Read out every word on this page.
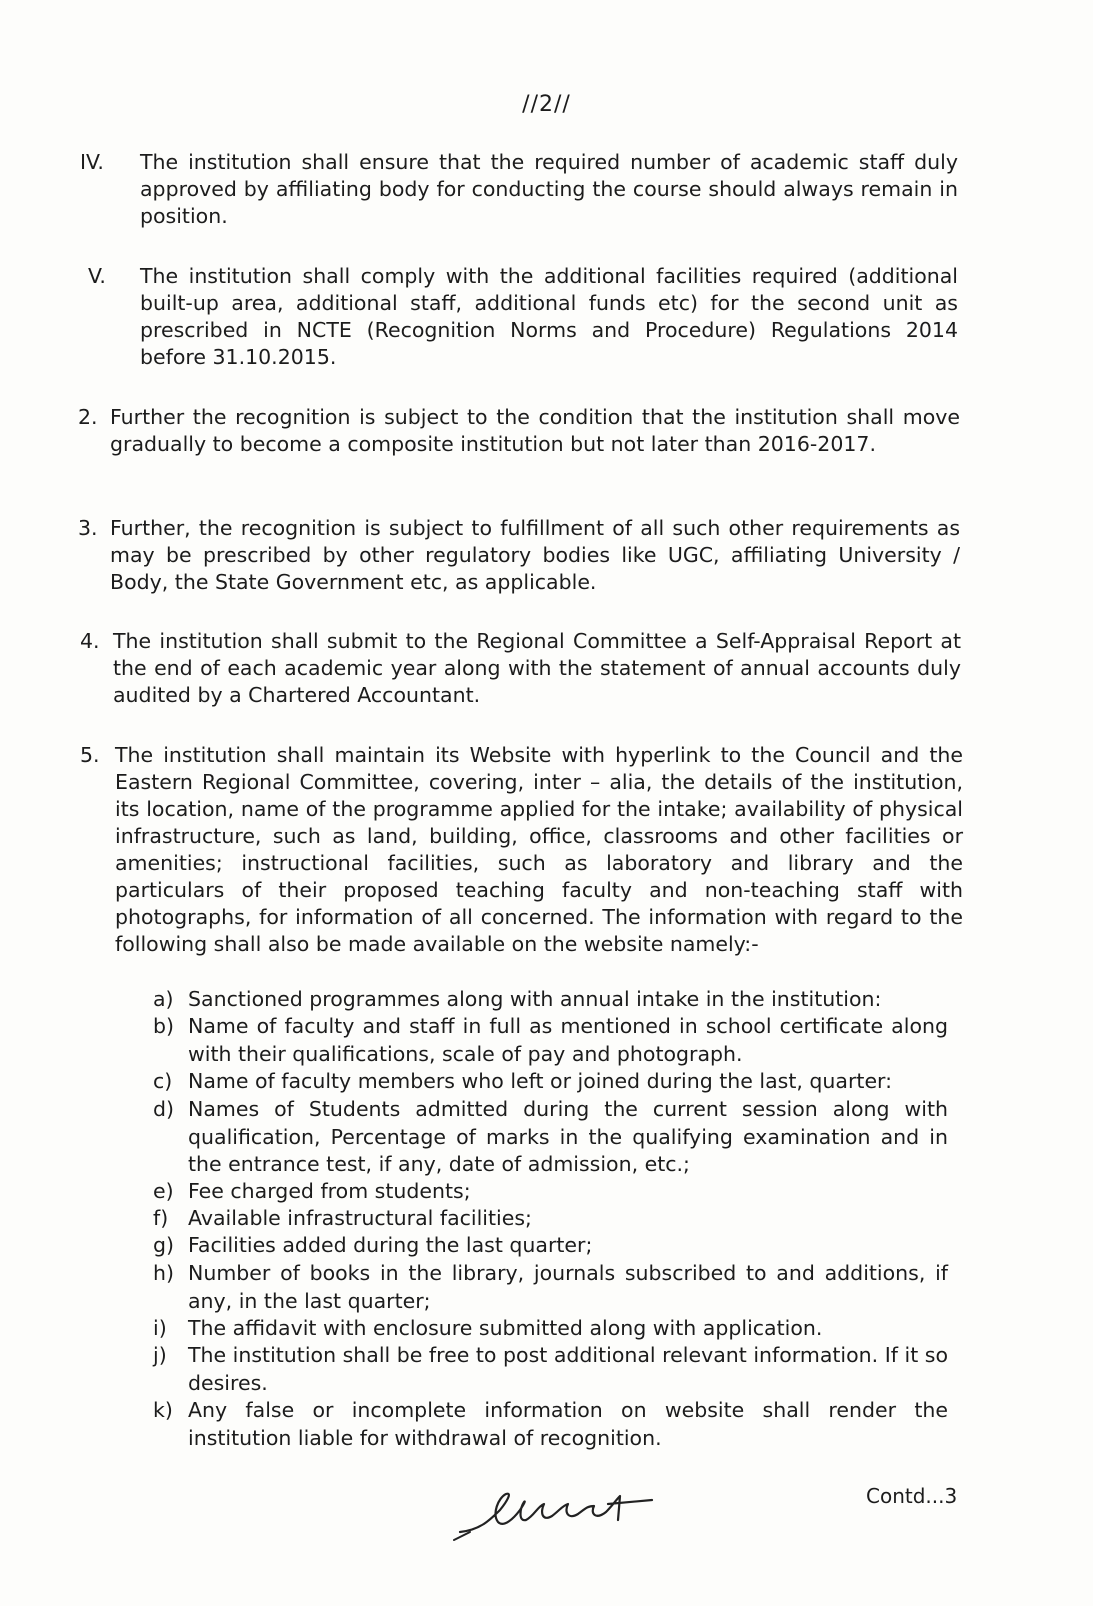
//2//
IV. The institution shall ensure that the required number of academic staff duly approved by affiliating body for conducting the course should always remain in position.

V. The institution shall comply with the additional facilities required (additional built-up area, additional staff, additional funds etc) for the second unit as prescribed in NCTE (Recognition Norms and Procedure) Regulations 2014 before 31.10.2015.

2. Further the recognition is subject to the condition that the institution shall move gradually to become a composite institution but not later than 2016-2017.

3. Further, the recognition is subject to fulfillment of all such other requirements as may be prescribed by other regulatory bodies like UGC, affiliating University / Body, the State Government etc, as applicable.

4. The institution shall submit to the Regional Committee a Self-Appraisal Report at the end of each academic year along with the statement of annual accounts duly audited by a Chartered Accountant.

5. The institution shall maintain its Website with hyperlink to the Council and the Eastern Regional Committee, covering, inter – alia, the details of the institution, its location, name of the programme applied for the intake; availability of physical infrastructure, such as land, building, office, classrooms and other facilities or amenities; instructional facilities, such as laboratory and library and the particulars of their proposed teaching faculty and non-teaching staff with photographs, for information of all concerned. The information with regard to the following shall also be made available on the website namely:-

a) Sanctioned programmes along with annual intake in the institution:
b) Name of faculty and staff in full as mentioned in school certificate along with their qualifications, scale of pay and photograph.
c) Name of faculty members who left or joined during the last, quarter:
d) Names of Students admitted during the current session along with qualification, Percentage of marks in the qualifying examination and in the entrance test, if any, date of admission, etc.;
e) Fee charged from students;
f) Available infrastructural facilities;
g) Facilities added during the last quarter;
h) Number of books in the library, journals subscribed to and additions, if any, in the last quarter;
i)	The affidavit with enclosure submitted along with application.
j)	The institution shall be free to post additional relevant information. If it so desires.
k) Any false or incomplete information on website shall render the institution liable for withdrawal of recognition.
Contd...3
